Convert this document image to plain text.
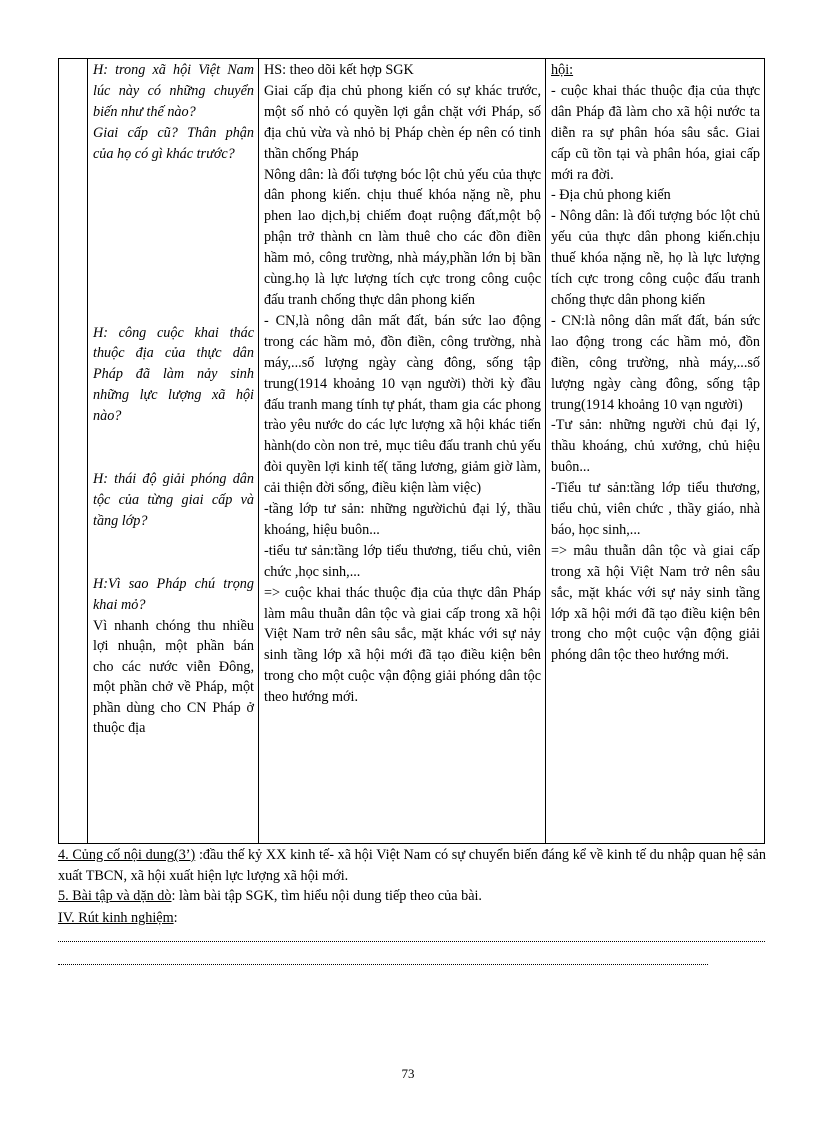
H: trong xã hội Việt Nam lúc này có những chuyển biến như thế nào?
Giai cấp cũ? Thân phận của họ có gì khác trước?
H: công cuộc khai thác thuộc địa của thực dân Pháp đã làm nảy sinh những lực lượng xã hội nào?
H: thái độ giải phóng dân tộc của từng giai cấp và tầng lớp?
H:Vì sao Pháp chú trọng khai mỏ?
Vì nhanh chóng thu nhiều lợi nhuận, một phần bán cho các nước viễn Đông, một phần chở về Pháp, một phần dùng cho CN Pháp ở thuộc địa

HS: theo dõi kết hợp SGK
Giai cấp địa chủ phong kiến có sự khác trước, một số nhỏ có quyền lợi gắn chặt với Pháp, số địa chủ vừa và nhỏ bị Pháp chèn ép nên có tinh thần chống Pháp
Nông dân: là đối tượng bóc lột chủ yếu của thực dân phong kiến. chịu thuế khóa nặng nề, phu phen lao dịch,bị chiếm đoạt ruộng đất,một bộ phận trở thành cn làm thuê cho các đồn điền hầm mỏ, công trường, nhà máy,phần lớn bị bần cùng.họ là lực lượng tích cực trong công cuộc đấu tranh chống thực dân phong kiến
- CN,là nông dân mất đất, bán sức lao động trong các hầm mỏ, đồn điền, công trường, nhà máy,...số lượng ngày càng đông, sống tập trung(1914 khoảng 10 vạn người) thời kỳ đầu đấu tranh mang tính tự phát, tham gia các phong trào yêu nước do các lực lượng xã hội khác tiến hành(do còn non trẻ, mục tiêu đấu tranh chủ yếu đòi quyền lợi kinh tế( tăng lương, giảm giờ làm, cải thiện đời sống, điều kiện làm việc)
-tầng lớp tư sản: những ngườichủ đại lý, thầu khoáng, hiệu buôn...
-tiểu tư sản:tầng lớp tiểu thương, tiểu chủ, viên chức ,học sinh,...
=> cuộc khai thác thuộc địa của thực dân Pháp làm mâu thuẫn dân tộc và giai cấp trong xã hội Việt Nam trở nên sâu sắc, mặt khác với sự nảy sinh tầng lớp xã hội mới đã tạo điều kiện bên trong cho một cuộc vận động giải phóng dân tộc theo hướng mới.

hội:
- cuộc khai thác thuộc địa của thực dân Pháp đã làm cho xã hội nước ta diễn ra sự phân hóa sâu sắc. Giai cấp cũ tồn tại và phân hóa, giai cấp mới ra đời.
- Địa chủ phong kiến
- Nông dân: là đối tượng bóc lột chủ yếu của thực dân phong kiến.chịu thuế khóa nặng nề, họ là lực lượng tích cực trong công cuộc đấu tranh chống thực dân phong kiến
- CN:là nông dân mất đất, bán sức lao động trong các hầm mỏ, đồn điền, công trường, nhà máy,...số lượng ngày càng đông, sống tập trung(1914 khoảng 10 vạn người)
-Tư sản: những người chủ đại lý, thầu khoáng, chủ xưởng, chủ hiệu buôn...
-Tiểu tư sản:tầng lớp tiểu thương, tiểu chủ, viên chức , thầy giáo, nhà báo, học sinh,...
=> mâu thuẫn dân tộc và giai cấp trong xã hội Việt Nam trở nên sâu sắc, mặt khác với sự nảy sinh tầng lớp xã hội mới đã tạo điều kiện bên trong cho một cuộc vận động giải phóng dân tộc theo hướng mới.
4. Củng cố nội dung(3’) :đầu thế kỷ XX kinh tế- xã hội Việt Nam có sự chuyển biến đáng kể về kinh tế du nhập quan hệ sản xuất TBCN, xã hội xuất hiện lực lượng xã hội mới.
5. Bài tập và dặn dò: làm bài tập SGK, tìm hiểu nội dung tiếp theo của bài.
IV. Rút kinh nghiệm:
73
